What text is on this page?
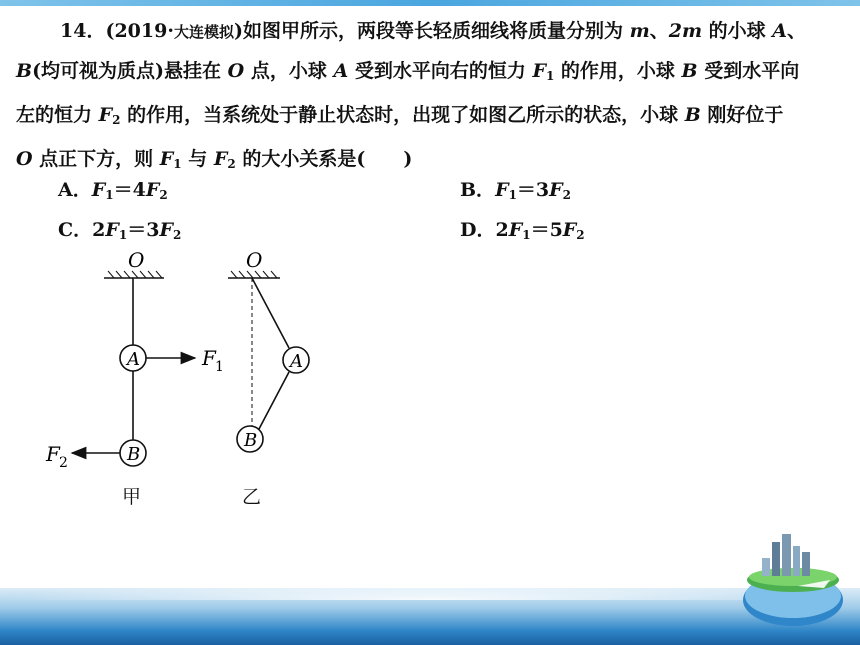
14．(2019·大连模拟)如图甲所示，两段等长轻质细线将质量分别为 m、2m 的小球 A、
B(均可视为质点)悬挂在 O 点，小球 A 受到水平向右的恒力 $F_1$ 的作用，小球 B 受到水平向
左的恒力 $F_2$ 的作用，当系统处于静止状态时，出现了如图乙所示的状态，小球 B 刚好位于
O 点正下方，则 $F_1$ 与 $F_2$ 的大小关系是(　　)
A．$F_1=4F_2$	B．$F_1=3F_2$
C．$2F_1=3F_2$	D．$2F_1=5F_2$
O
A	F 1
B
F 2
O
A
B
甲	乙
